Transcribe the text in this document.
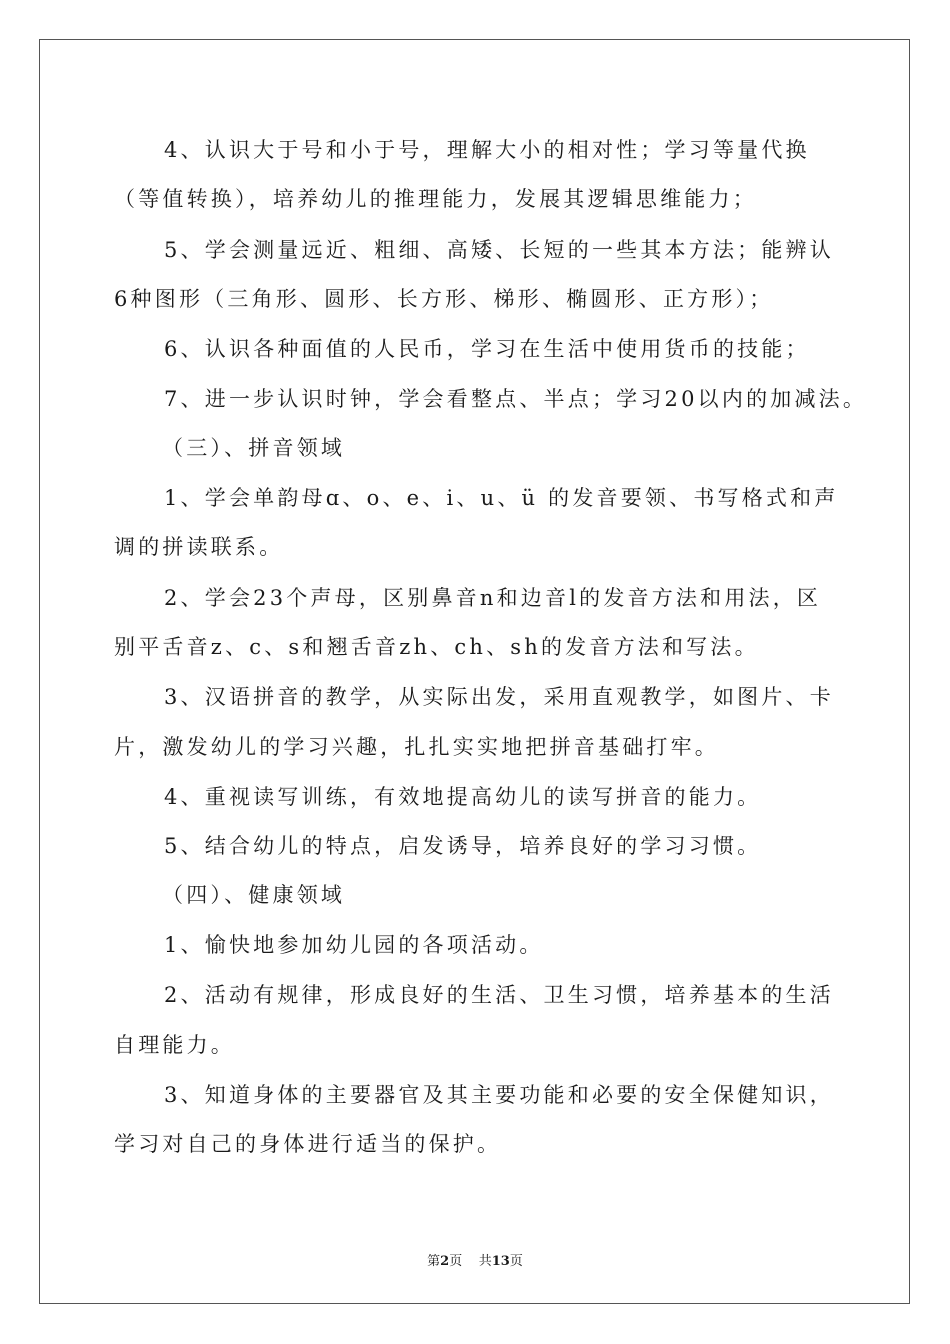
4、认识大于号和小于号，理解大小的相对性；学习等量代换

（等值转换），培养幼儿的推理能力，发展其逻辑思维能力；

5、学会测量远近、粗细、高矮、长短的一些其本方法；能辨认

6种图形（三角形、圆形、长方形、梯形、椭圆形、正方形）；

6、认识各种面值的人民币，学习在生活中使用货币的技能；

7、进一步认识时钟，学会看整点、半点；学习20以内的加减法。

（三）、拼音领域

1、学会单韵母ɑ、o、e、i、u、ü 的发音要领、书写格式和声

调的拼读联系。

2、学会23个声母，区别鼻音n和边音l的发音方法和用法，区

别平舌音z、c、s和翘舌音zh、ch、sh的发音方法和写法。

3、汉语拼音的教学，从实际出发，采用直观教学，如图片、卡

片，激发幼儿的学习兴趣，扎扎实实地把拼音基础打牢。

4、重视读写训练，有效地提高幼儿的读写拼音的能力。

5、结合幼儿的特点，启发诱导，培养良好的学习习惯。

（四）、健康领域

1、愉快地参加幼儿园的各项活动。

2、活动有规律，形成良好的生活、卫生习惯，培养基本的生活

自理能力。

3、知道身体的主要器官及其主要功能和必要的安全保健知识，

学习对自己的身体进行适当的保护。

第2页 共13页
